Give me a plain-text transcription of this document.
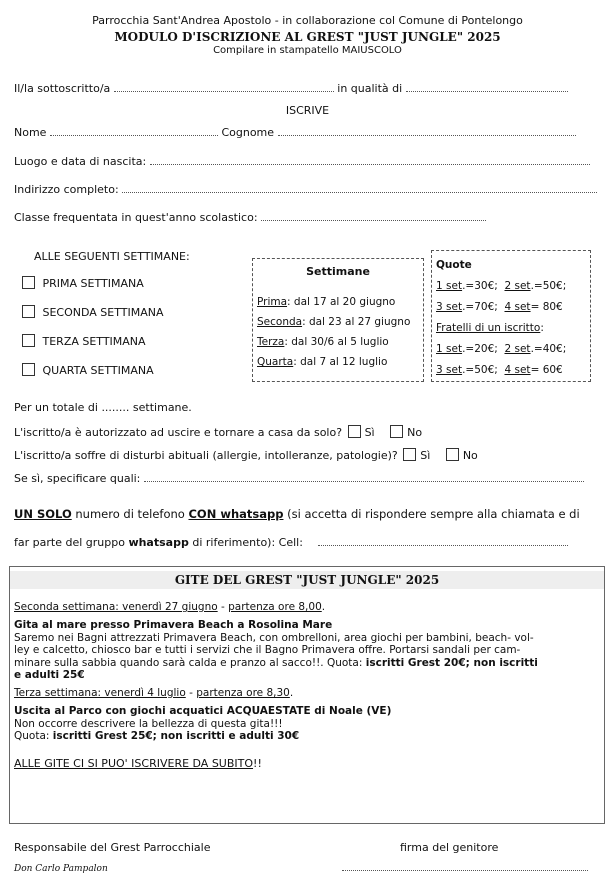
Parrocchia Sant'Andrea Apostolo - in collaborazione col Comune di Pontelongo
MODULO D'ISCRIZIONE AL GREST "JUST JUNGLE" 2025
Compilare in stampatello MAIUSCOLO
Il/la sottoscritto/a	in qualità di
ISCRIVE
Nome	Cognome
Luogo e data di nascita:
Indirizzo completo:
Classe frequentata in quest'anno scolastico:
ALLE SEGUENTI SETTIMANE:
PRIMA SETTIMANA
SECONDA SETTIMANA
TERZA SETTIMANA
QUARTA SETTIMANA
Settimane
Prima: dal 17 al 20 giugno
Seconda: dal 23 al 27 giugno
Terza: dal 30/6 al 5 luglio
Quarta: dal 7 al 12 luglio
Quote
1 set.=30€; 2 set.=50€;
3 set.=70€; 4 set= 80€
Fratelli di un iscritto:
1 set.=20€; 2 set.=40€;
3 set.=50€; 4 set= 60€
Per un totale di ........ settimane.
L'iscritto/a è autorizzato ad uscire e tornare a casa da solo? Sì	No
L'iscritto/a soffre di disturbi abituali (allergie, intolleranze, patologie)? Sì	No
Se sì, specificare quali:
UN SOLO numero di telefono CON whatsapp (si accetta di rispondere sempre alla chiamata e di
far parte del gruppo whatsapp di riferimento): Cell:
GITE DEL GREST "JUST JUNGLE" 2025
Seconda settimana: venerdì 27 giugno - partenza ore 8,00.
Gita al mare presso Primavera Beach a Rosolina Mare
Saremo nei Bagni attrezzati Primavera Beach, con ombrelloni, area giochi per bambini, beach- vol-
ley e calcetto, chiosco bar e tutti i servizi che il Bagno Primavera offre. Portarsi sandali per cam-
minare sulla sabbia quando sarà calda e pranzo al sacco!!. Quota: iscritti Grest 20€; non iscritti
e adulti 25€
Terza settimana: venerdì 4 luglio - partenza ore 8,30.
Uscita al Parco con giochi acquatici ACQUAESTATE di Noale (VE)
Non occorre descrivere la bellezza di questa gita!!!
Quota: iscritti Grest 25€; non iscritti e adulti 30€
ALLE GITE CI SI PUO' ISCRIVERE DA SUBITO!!
Responsabile del Grest Parrocchiale	firma del genitore
Don Carlo Pampalon
